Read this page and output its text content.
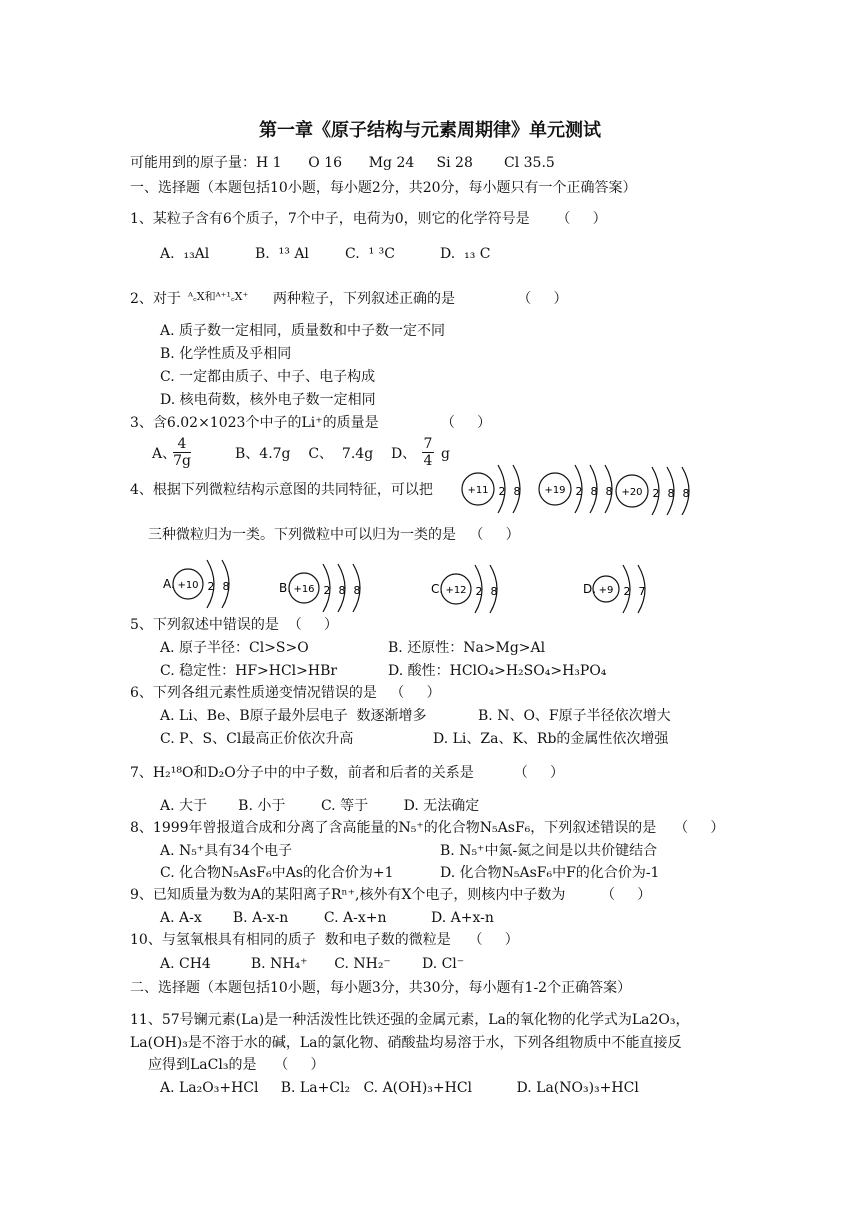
第一章《原子结构与元素周期律》单元测试
可能用到的原子量：H 1      O 16      Mg 24     Si 28       Cl 35.5
一、选择题（本题包括10小题，每小题2分，共20分，每小题只有一个正确答案）
1、某粒子含有6个质子，7个中子，电荷为0，则它的化学符号是      （     ）
A.  ₁₃Al	B.  ¹³ Al	C.  ¹ ³C	D.  ₁₃ C
2、对于 ᴬ꜀X和ᴬ⁺¹꜀X⁺ 两种粒子，下列叙述正确的是              （     ）
A. 质子数一定相同，质量数和中子数一定不同
B. 化学性质及乎相同
C. 一定都由质子、中子、电子构成
D. 核电荷数，核外电子数一定相同
3、含6.02×1023个中子的Li⁺的质量是              （     ）
A、
$\frac{4}{7g}$	B、4.7g    C、  7.4g    D、 $\frac{7}{4}$ g
4、根据下列微粒结构示意图的共同特征，可以把
三种微粒归为一类。下列微粒中可以归为一类的是   （     ）
+11 2 8 +19 2 8 8 +20 2 8 8
A. +10 2 8	B. +16 2 8 8	C. +12 2 8	D. +9 2 7
5、下列叙述中错误的是  （     ）
A. 原子半径：Cl>S>O	B. 还原性：Na>Mg>Al
C. 稳定性：HF>HCl>HBr	D. 酸性：HClO₄>H₂SO₄>H₃PO₄
6、下列各组元素性质递变情况错误的是   （     ）
A. Li、Be、B原子最外层电子  数逐渐增多	B. N、O、F原子半径依次增大
C. P、S、Cl最高正价依次升高	D. Li、Za、K、Rb的金属性依次增强
7、H₂¹⁸O和D₂O分子中的中子数，前者和后者的关系是         （     ）
A. 大于       B. 小于        C. 等于        D. 无法确定
8、1999年曾报道合成和分离了含高能量的N₅⁺的化合物N₅AsF₆，下列叙述错误的是    （     ）
A. N₅⁺具有34个电子	B. N₅⁺中氮-氮之间是以共价键结合
C. 化合物N₅AsF₆中As的化合价为+1	D. 化合物N₅AsF₆中F的化合价为-1
9、已知质量为数为A的某阳离子Rⁿ⁺,核外有X个电子，则核内中子数为        （     ）
A. A-x       B. A-x-n        C. A-x+n          D. A+x-n
10、与氢氧根具有相同的质子  数和电子数的微粒是    （     ）
A. CH4         B. NH₄⁺      C. NH₂⁻       D. Cl⁻
二、选择题（本题包括10小题，每小题3分，共30分，每小题有1-2个正确答案）
11、57号镧元素(La)是一种活泼性比铁还强的金属元素，La的氧化物的化学式为La2O₃，
La(OH)₃是不溶于水的碱，La的氯化物、硝酸盐均易溶于水，下列各组物质中不能直接反
应得到LaCl₃的是    （     ）
A. La₂O₃+HCl     B. La+Cl₂   C. A(OH)₃+HCl          D. La(NO₃)₃+HCl
